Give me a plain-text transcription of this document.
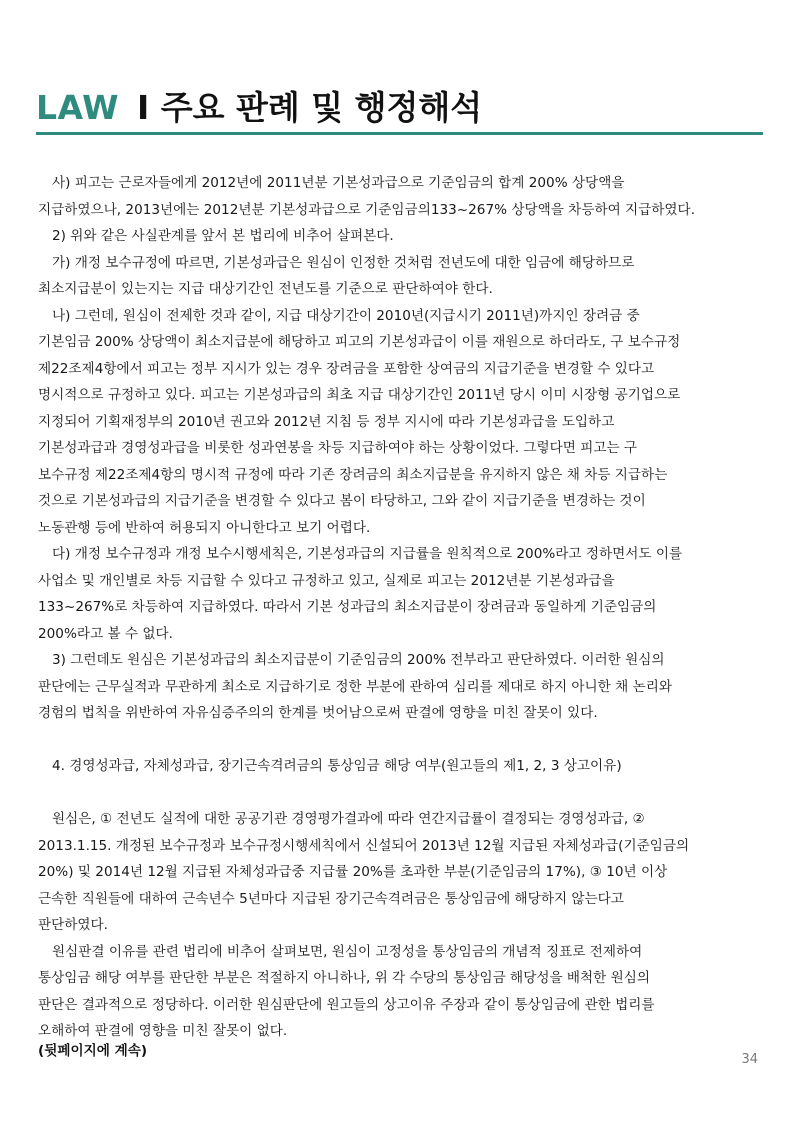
LAW Ⅰ 주요 판례 및 행정해석
사) 피고는 근로자들에게 2012년에 2011년분 기본성과급으로 기준임금의 합계 200% 상당액을
지급하였으나, 2013년에는 2012년분 기본성과급으로 기준임금의133~267% 상당액을 차등하여 지급하였다.
2) 위와 같은 사실관계를 앞서 본 법리에 비추어 살펴본다.
가) 개정 보수규정에 따르면, 기본성과급은 원심이 인정한 것처럼 전년도에 대한 임금에 해당하므로
최소지급분이 있는지는 지급 대상기간인 전년도를 기준으로 판단하여야 한다.
나) 그런데, 원심이 전제한 것과 같이, 지급 대상기간이 2010년(지급시기 2011년)까지인 장려금 중
기본임금 200% 상당액이 최소지급분에 해당하고 피고의 기본성과급이 이를 재원으로 하더라도, 구 보수규정
제22조제4항에서 피고는 정부 지시가 있는 경우 장려금을 포함한 상여금의 지급기준을 변경할 수 있다고
명시적으로 규정하고 있다. 피고는 기본성과급의 최초 지급 대상기간인 2011년 당시 이미 시장형 공기업으로
지정되어 기획재정부의 2010년 권고와 2012년 지침 등 정부 지시에 따라 기본성과급을 도입하고
기본성과급과 경영성과급을 비롯한 성과연봉을 차등 지급하여야 하는 상황이었다. 그렇다면 피고는 구
보수규정 제22조제4항의 명시적 규정에 따라 기존 장려금의 최소지급분을 유지하지 않은 채 차등 지급하는
것으로 기본성과급의 지급기준을 변경할 수 있다고 봄이 타당하고, 그와 같이 지급기준을 변경하는 것이
노동관행 등에 반하여 허용되지 아니한다고 보기 어렵다.
다) 개정 보수규정과 개정 보수시행세칙은, 기본성과급의 지급률을 원칙적으로 200%라고 정하면서도 이를
사업소 및 개인별로 차등 지급할 수 있다고 규정하고 있고, 실제로 피고는 2012년분 기본성과급을
133~267%로 차등하여 지급하였다. 따라서 기본 성과급의 최소지급분이 장려금과 동일하게 기준임금의
200%라고 볼 수 없다.
3) 그런데도 원심은 기본성과급의 최소지급분이 기준임금의 200% 전부라고 판단하였다. 이러한 원심의
판단에는 근무실적과 무관하게 최소로 지급하기로 정한 부분에 관하여 심리를 제대로 하지 아니한 채 논리와
경험의 법칙을 위반하여 자유심증주의의 한계를 벗어남으로써 판결에 영향을 미친 잘못이 있다.
4. 경영성과급, 자체성과급, 장기근속격려금의 통상임금 해당 여부(원고들의 제1, 2, 3 상고이유)
원심은, ① 전년도 실적에 대한 공공기관 경영평가결과에 따라 연간지급률이 결정되는 경영성과급, ②
2013.1.15. 개정된 보수규정과 보수규정시행세칙에서 신설되어 2013년 12월 지급된 자체성과급(기준임금의
20%) 및 2014년 12월 지급된 자체성과급중 지급률 20%를 초과한 부분(기준임금의 17%), ③ 10년 이상
근속한 직원들에 대하여 근속년수 5년마다 지급된 장기근속격려금은 통상임금에 해당하지 않는다고
판단하였다.
원심판결 이유를 관련 법리에 비추어 살펴보면, 원심이 고정성을 통상임금의 개념적 징표로 전제하여
통상임금 해당 여부를 판단한 부분은 적절하지 아니하나, 위 각 수당의 통상임금 해당성을 배척한 원심의
판단은 결과적으로 정당하다. 이러한 원심판단에 원고들의 상고이유 주장과 같이 통상임금에 관한 법리를
오해하여 판결에 영향을 미친 잘못이 없다.
(뒷페이지에 계속)
34
